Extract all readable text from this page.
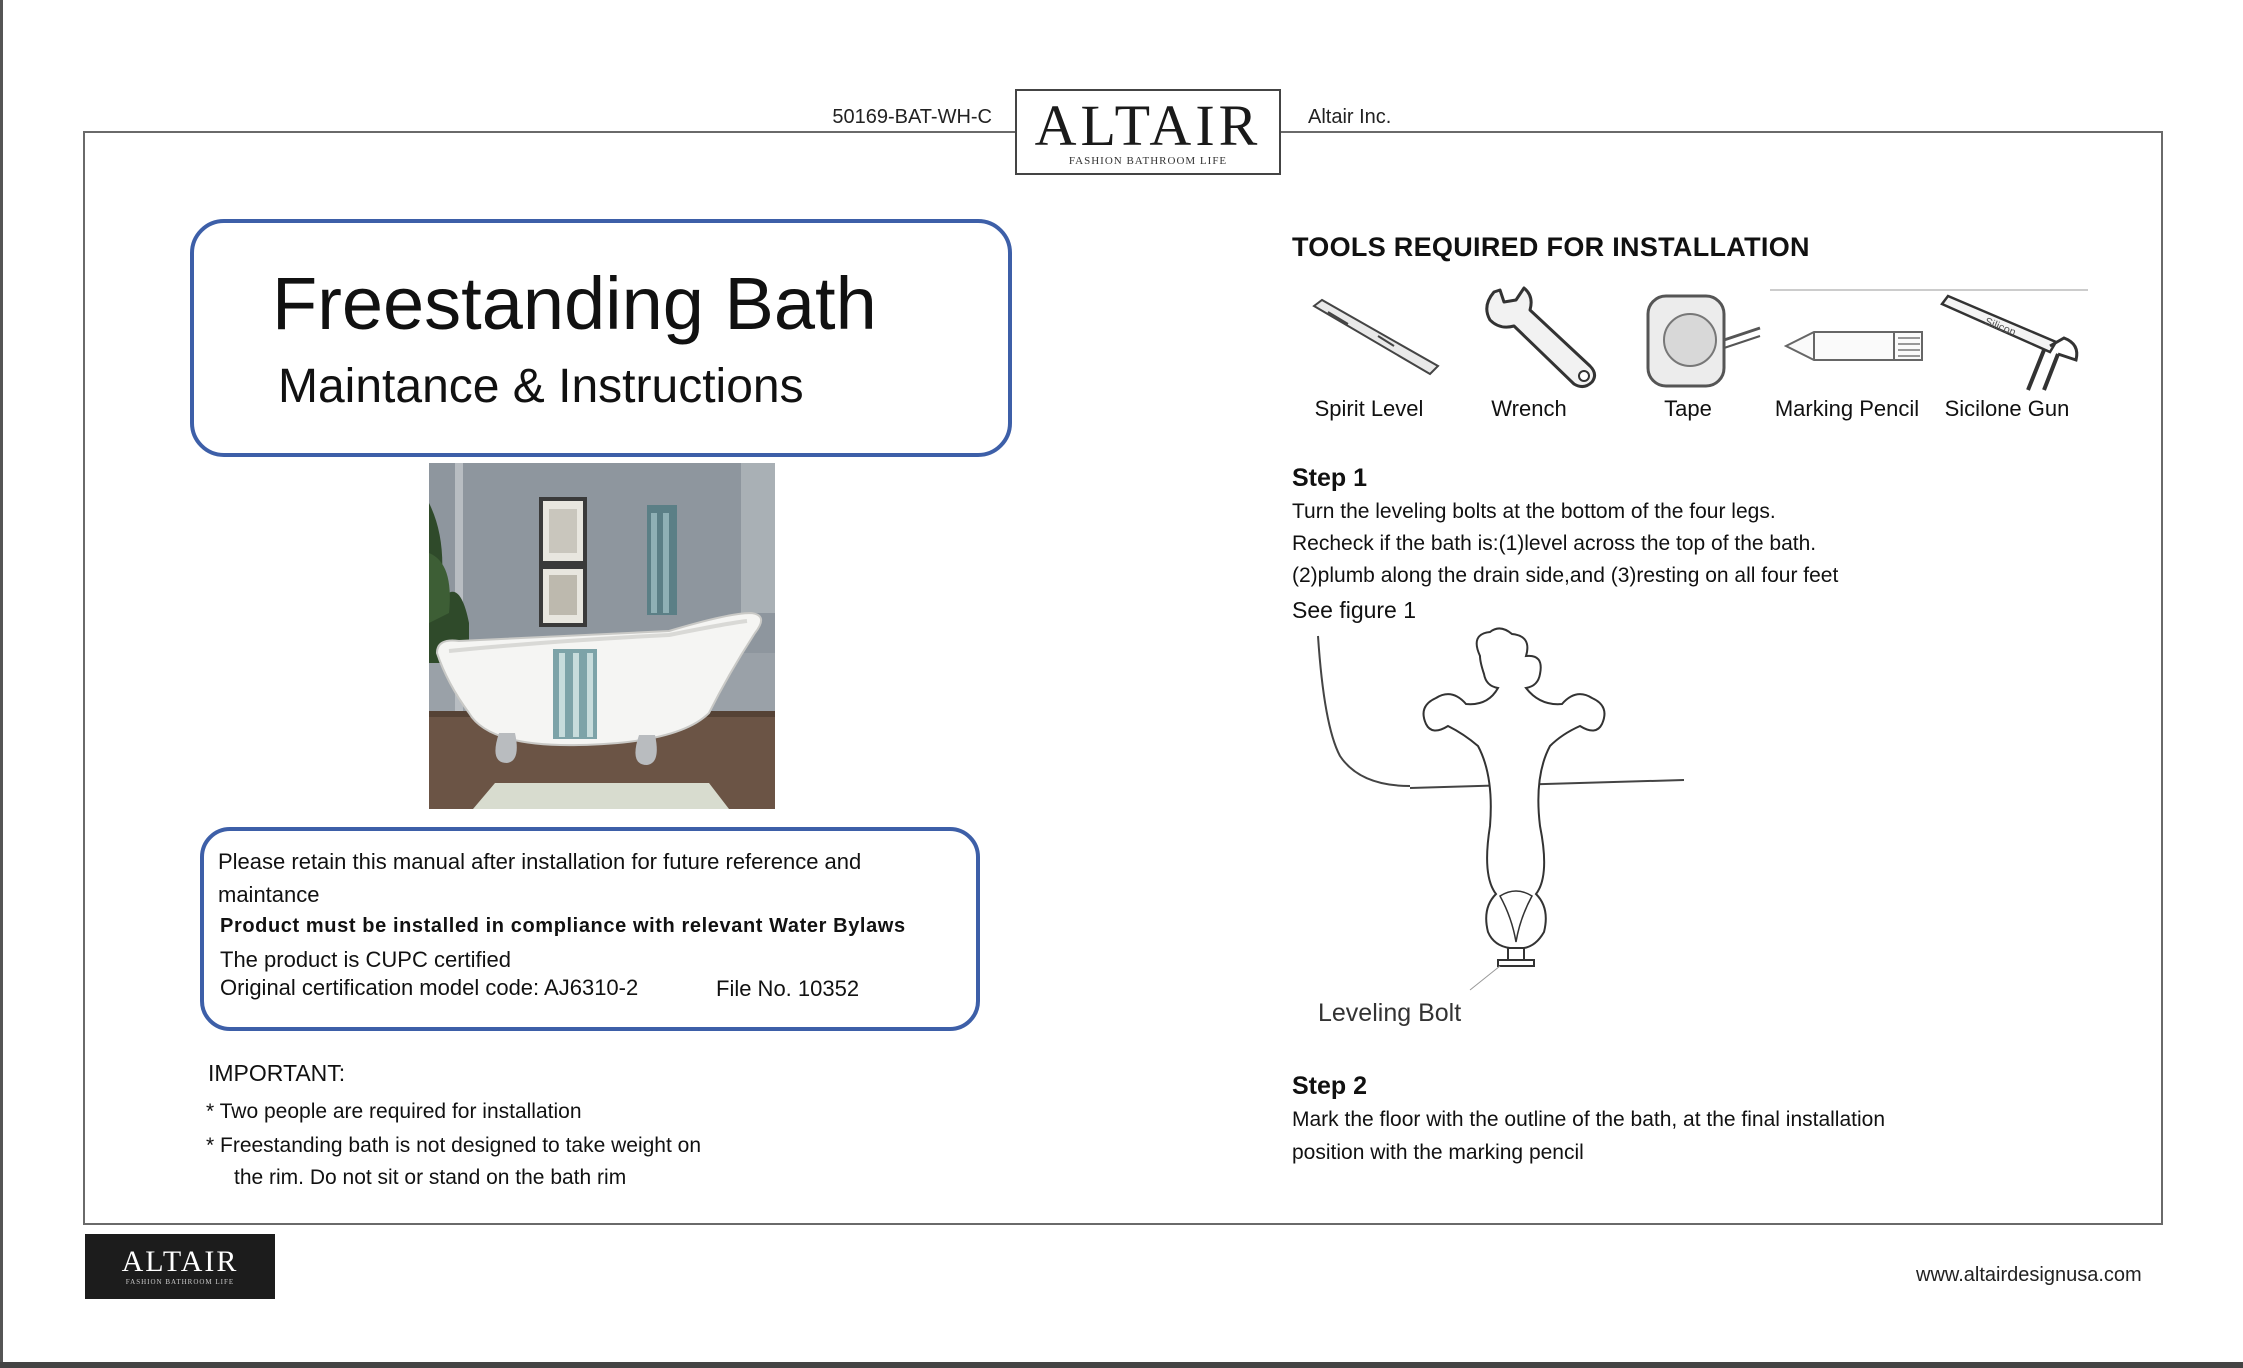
50169-BAT-WH-C ALTAIR
FASHION BATHROOM LIFE
Altair Inc.
Freestanding Bath
Maintance & Instructions
Please retain this manual after installation for future reference and
maintance
Product must be installed in compliance with relevant Water Bylaws
The product is CUPC certified
Original certification model code: AJ6310-2	File No. 10352
IMPORTANT:
* Two people are required for installation
* Freestanding bath is not designed to take weight on
the rim. Do not sit or stand on the bath rim
TOOLS REQUIRED FOR INSTALLATION
Spirit Level	Wrench	Tape	Marking Pencil
Silicon
Sicilone Gun
Step 1
Turn the leveling bolts at the bottom of the four legs.
Recheck if the bath is:(1)level across the top of the bath.
(2)plumb along the drain side,and (3)resting on all four feet
See figure 1
Leveling Bolt
Step 2
Mark the floor with the outline of the bath, at the final installation
position with the marking pencil
ALTAIR
FASHION BATHROOM LIFE	www.altairdesignusa.com
